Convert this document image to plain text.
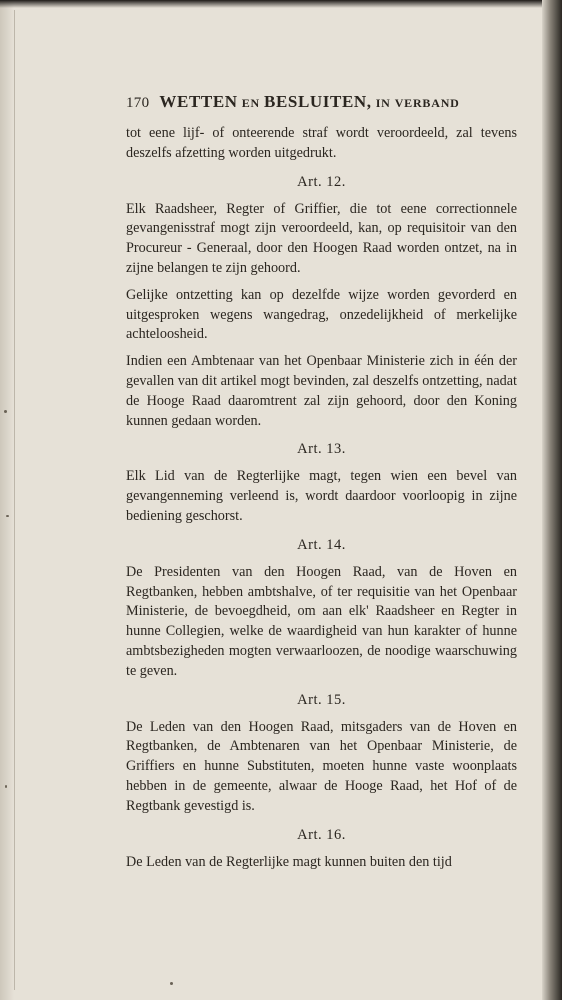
170 WETTEN
EN
BESLUITEN,
IN
VERBAND

tot eene lijf- of onteerende straf wordt veroordeeld, zal tevens deszelfs afzetting worden uitgedrukt.

Art. 12.

Elk Raadsheer, Regter of Griffier, die tot eene correctionnele gevangenisstraf mogt zijn veroordeeld, kan, op requisitoir van den Procureur - Generaal, door den Hoogen Raad worden ontzet, na in zijne belangen te zijn gehoord.

Gelijke ontzetting kan op dezelfde wijze worden gevorderd en uitgesproken wegens wangedrag, onzedelijkheid of merkelijke achteloosheid.

Indien een Ambtenaar van het Openbaar Ministerie zich in één der gevallen van dit artikel mogt bevinden, zal deszelfs ontzetting, nadat de Hooge Raad daaromtrent zal zijn gehoord, door den Koning kunnen gedaan worden.

Art. 13.

Elk Lid van de Regterlijke magt, tegen wien een bevel van gevangenneming verleend is, wordt daardoor voorloopig in zijne bediening geschorst.

Art. 14.

De Presidenten van den Hoogen Raad, van de Hoven en Regtbanken, hebben ambtshalve, of ter requisitie van het Openbaar Ministerie, de bevoegdheid, om aan elk' Raadsheer en Regter in hunne Collegien, welke de waardigheid van hun karakter of hunne ambtsbezigheden mogten verwaarloozen, de noodige waarschuwing te geven.

Art. 15.

De Leden van den Hoogen Raad, mitsgaders van de Hoven en Regtbanken, de Ambtenaren van het Openbaar Ministerie, de Griffiers en hunne Substituten, moeten hunne vaste woonplaats hebben in de gemeente, alwaar de Hooge Raad, het Hof of de Regtbank gevestigd is.

Art. 16.

De Leden van de Regterlijke magt kunnen buiten den tijd
